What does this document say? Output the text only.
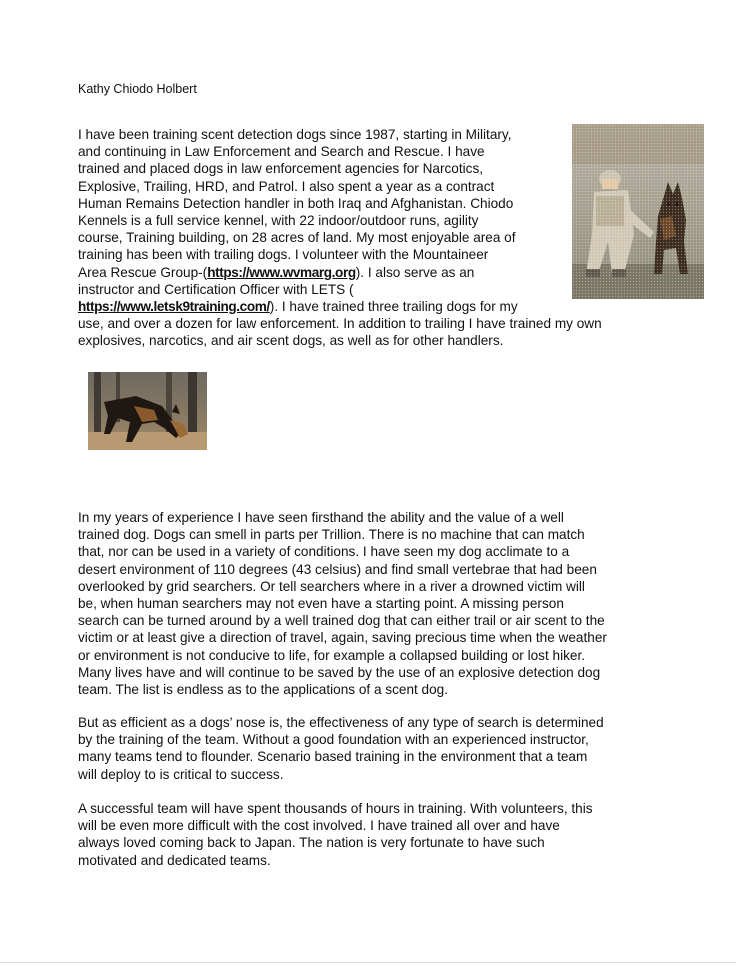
Kathy Chiodo Holbert
I have been training scent detection dogs since 1987, starting in Military,
and continuing in Law Enforcement and Search and Rescue. I have
trained and placed dogs in law enforcement agencies for Narcotics,
Explosive, Trailing, HRD, and Patrol. I also spent a year as a contract
Human Remains Detection handler in both Iraq and Afghanistan. Chiodo
Kennels is a full service kennel, with 22 indoor/outdoor runs, agility
course, Training building, on 28 acres of land. My most enjoyable area of
training has been with trailing dogs. I volunteer with the Mountaineer
Area Rescue Group-(https://www.wvmarg.org). I also serve as an
instructor and Certification Officer with LETS (
https://www.letsk9training.com/). I have trained three trailing dogs for my
use, and over a dozen for law enforcement. In addition to trailing I have trained my own
explosives, narcotics, and air scent dogs, as well as for other handlers.
In my years of experience I have seen firsthand the ability and the value of a well
trained dog. Dogs can smell in parts per Trillion. There is no machine that can match
that, nor can be used in a variety of conditions. I have seen my dog acclimate to a
desert environment of 110 degrees (43 celsius) and find small vertebrae that had been
overlooked by grid searchers. Or tell searchers where in a river a drowned victim will
be, when human searchers may not even have a starting point. A missing person
search can be turned around by a well trained dog that can either trail or air scent to the
victim or at least give a direction of travel, again, saving precious time when the weather
or environment is not conducive to life, for example a collapsed building or lost hiker.
Many lives have and will continue to be saved by the use of an explosive detection dog
team. The list is endless as to the applications of a scent dog.
But as efficient as a dogs’ nose is, the effectiveness of any type of search is determined
by the training of the team. Without a good foundation with an experienced instructor,
many teams tend to flounder. Scenario based training in the environment that a team
will deploy to is critical to success.
A successful team will have spent thousands of hours in training. With volunteers, this
will be even more difficult with the cost involved. I have trained all over and have
always loved coming back to Japan. The nation is very fortunate to have such
motivated and dedicated teams.
